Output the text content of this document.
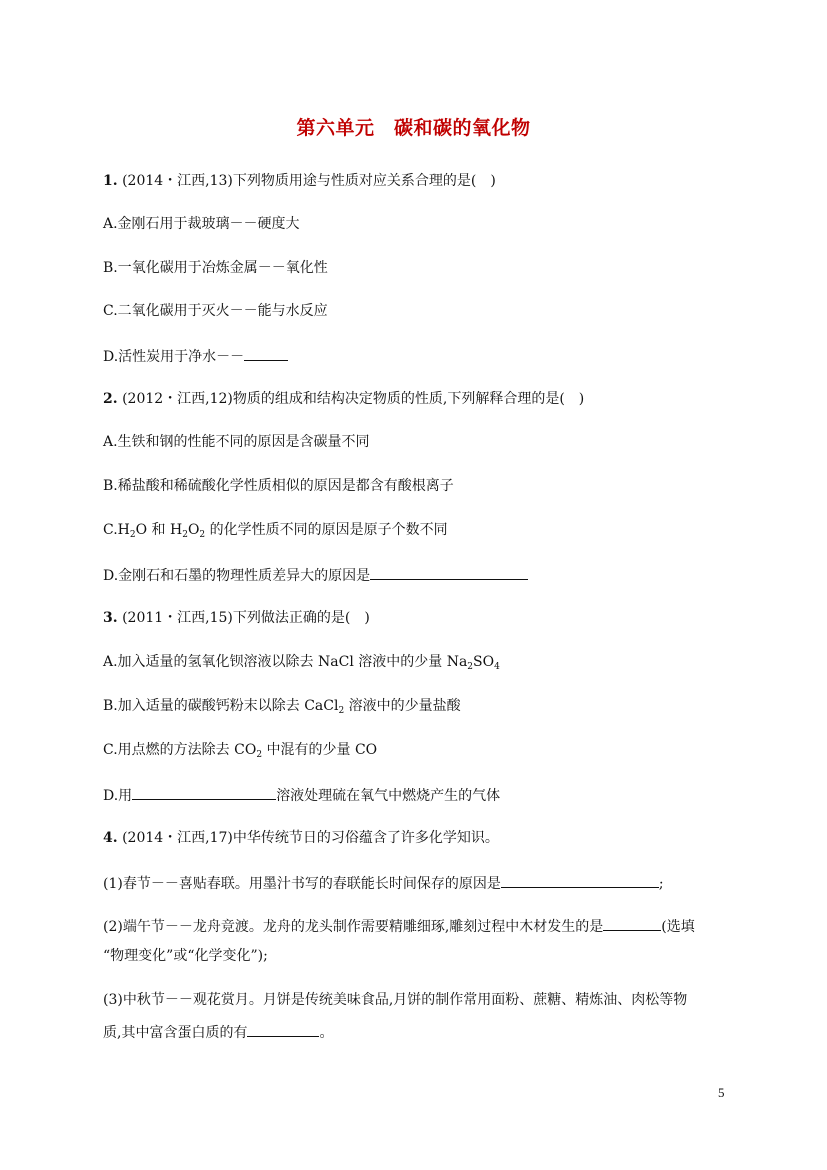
第六单元　碳和碳的氧化物
1. (2014・江西,13)下列物质用途与性质对应关系合理的是(　)
A.金刚石用于裁玻璃－－硬度大
B.一氧化碳用于冶炼金属－－氧化性
C.二氧化碳用于灭火－－能与水反应
D.活性炭用于净水－－
2. (2012・江西,12)物质的组成和结构决定物质的性质,下列解释合理的是(　)
A.生铁和钢的性能不同的原因是含碳量不同
B.稀盐酸和稀硫酸化学性质相似的原因是都含有酸根离子
$C.H_2O$ 和 $H_2O_2$ 的化学性质不同的原因是原子个数不同
D.金刚石和石墨的物理性质差异大的原因是
3. (2011・江西,15)下列做法正确的是(　)
A.加入适量的氢氧化钡溶液以除去 NaCl 溶液中的少量 $Na_2SO_4$
B.加入适量的碳酸钙粉末以除去 CaCl$_2$ 溶液中的少量盐酸
C.用点燃的方法除去 $CO_2$ 中混有的少量 CO
D.用	溶液处理硫在氧气中燃烧产生的气体
4. (2014・江西,17)中华传统节日的习俗蕴含了许多化学知识。
(1)春节－－喜贴春联。用墨汁书写的春联能长时间保存的原因是	;
(2)端午节－－龙舟竞渡。龙舟的龙头制作需要精雕细琢,雕刻过程中木材发生的是	(选填
“物理变化”或“化学变化”);
(3)中秋节－－观花赏月。月饼是传统美味食品,月饼的制作常用面粉、蔗糖、精炼油、肉松等物
质,其中富含蛋白质的有	。
5
